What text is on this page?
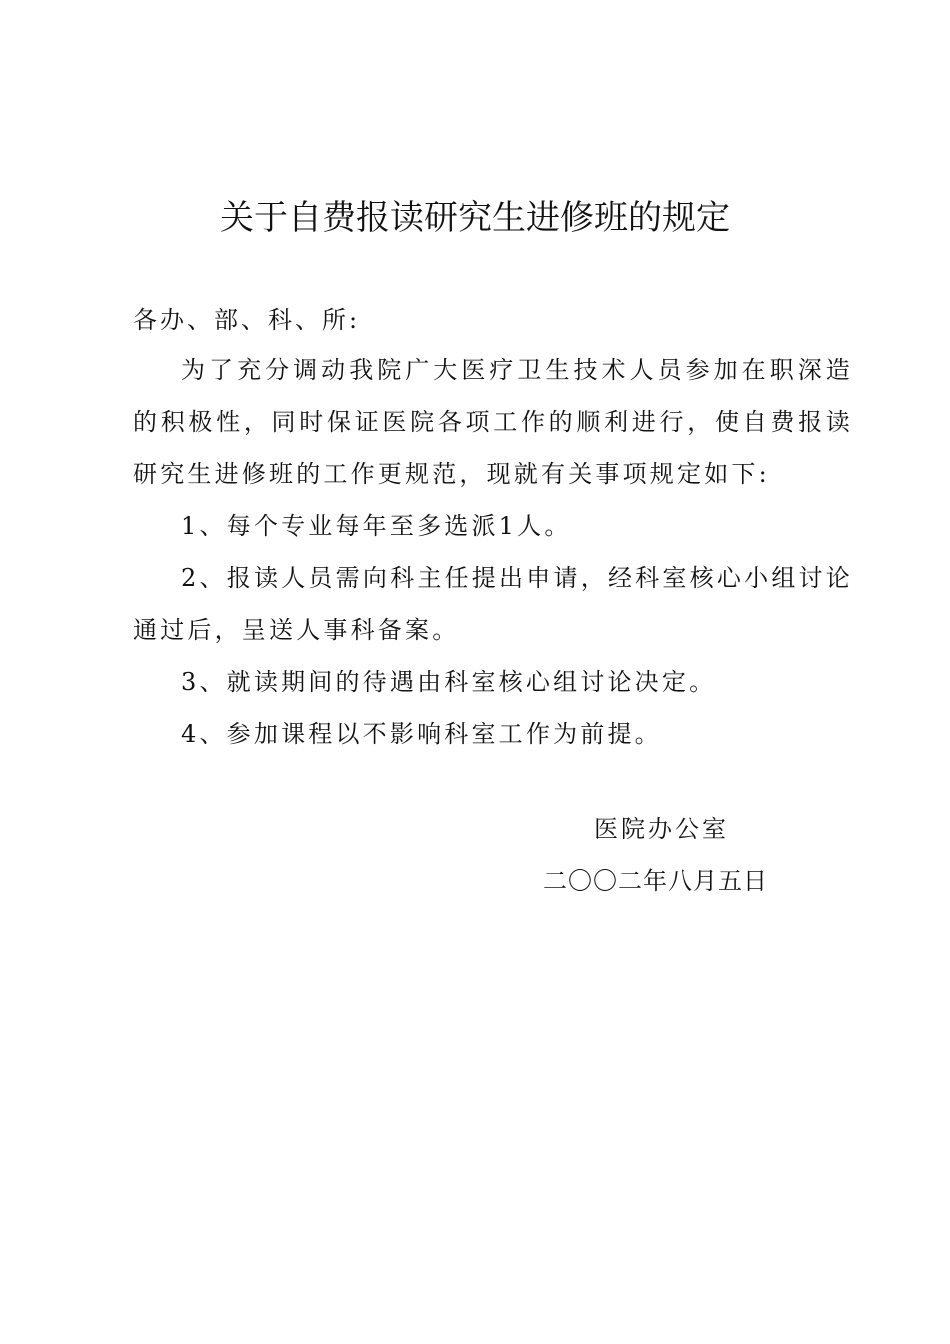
关于自费报读研究生进修班的规定
各办、部、科、所:
为了充分调动我院广大医疗卫生技术人员参加在职深造的积极性，同时保证医院各项工作的顺利进行，使自费报读研究生进修班的工作更规范，现就有关事项规定如下:
1、每个专业每年至多选派1人。
2、报读人员需向科主任提出申请，经科室核心小组讨论通过后，呈送人事科备案。
3、就读期间的待遇由科室核心组讨论决定。
4、参加课程以不影响科室工作为前提。
医院办公室
二〇〇二年八月五日
